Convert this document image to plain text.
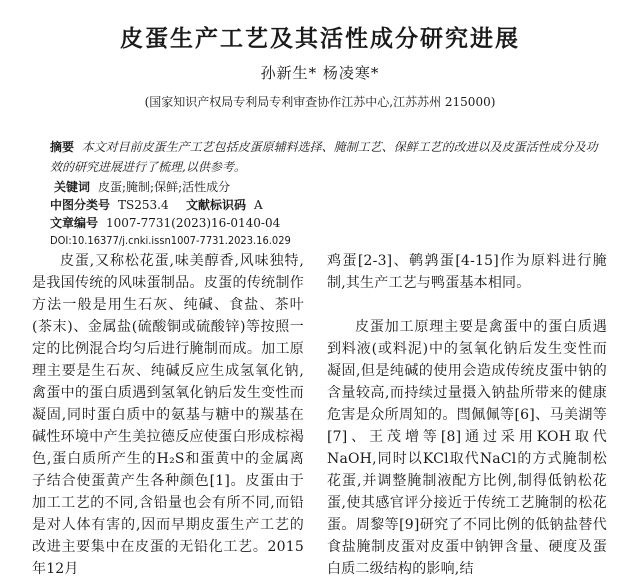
皮蛋生产工艺及其活性成分研究进展
孙新生* 杨凌寒*
(国家知识产权局专利局专利审查协作江苏中心,江苏苏州 215000)
摘要 本文对目前皮蛋生产工艺包括皮蛋原辅料选择、腌制工艺、保鲜工艺的改进以及皮蛋活性成分及功效的研究进展进行了梳理,以供参考。
关键词 皮蛋;腌制;保鲜;活性成分
中图分类号 TS253.4 文献标识码 A
文章编号 1007-7731(2023)16-0140-04
DOI:10.16377/j.cnki.issn1007-7731.2023.16.029

皮蛋,又称松花蛋,味美醇香,风味独特,是我国传统的风味蛋制品。皮蛋的传统制作方法一般是用生石灰、纯碱、食盐、茶叶(茶末)、金属盐(硫酸铜或硫酸锌)等按照一定的比例混合均匀后进行腌制而成。加工原理主要是生石灰、纯碱反应生成氢氧化钠,禽蛋中的蛋白质遇到氢氧化钠后发生变性而凝固,同时蛋白质中的氨基与糖中的羰基在碱性环境中产生美拉德反应使蛋白形成棕褐色,蛋白质所产生的H₂S和蛋黄中的金属离子结合使蛋黄产生各种颜色[1]。皮蛋由于加工工艺的不同,含铅量也会有所不同,而铅是对人体有害的,因而早期皮蛋生产工艺的改进主要集中在皮蛋的无铅化工艺。2015年12月

鸡蛋[2-3]、鹌鹑蛋[4-15]作为原料进行腌制,其生产工艺与鸭蛋基本相同。

皮蛋加工原理主要是禽蛋中的蛋白质遇到料液(或料泥)中的氢氧化钠后发生变性而凝固,但是纯碱的使用会造成传统皮蛋中钠的含量较高,而持续过量摄入钠盐所带来的健康危害是众所周知的。閆佩佩等[6]、马美湖等[7]、王茂增等[8]通过采用KOH取代NaOH,同时以KCl取代NaCl的方式腌制松花蛋,并调整腌制液配方比例,制得低钠松花蛋,使其感官评分接近于传统工艺腌制的松花蛋。周黎等[9]研究了不同比例的低钠盐替代食盐腌制皮蛋对皮蛋中钠钾含量、硬度及蛋白质二级结构的影响,结
